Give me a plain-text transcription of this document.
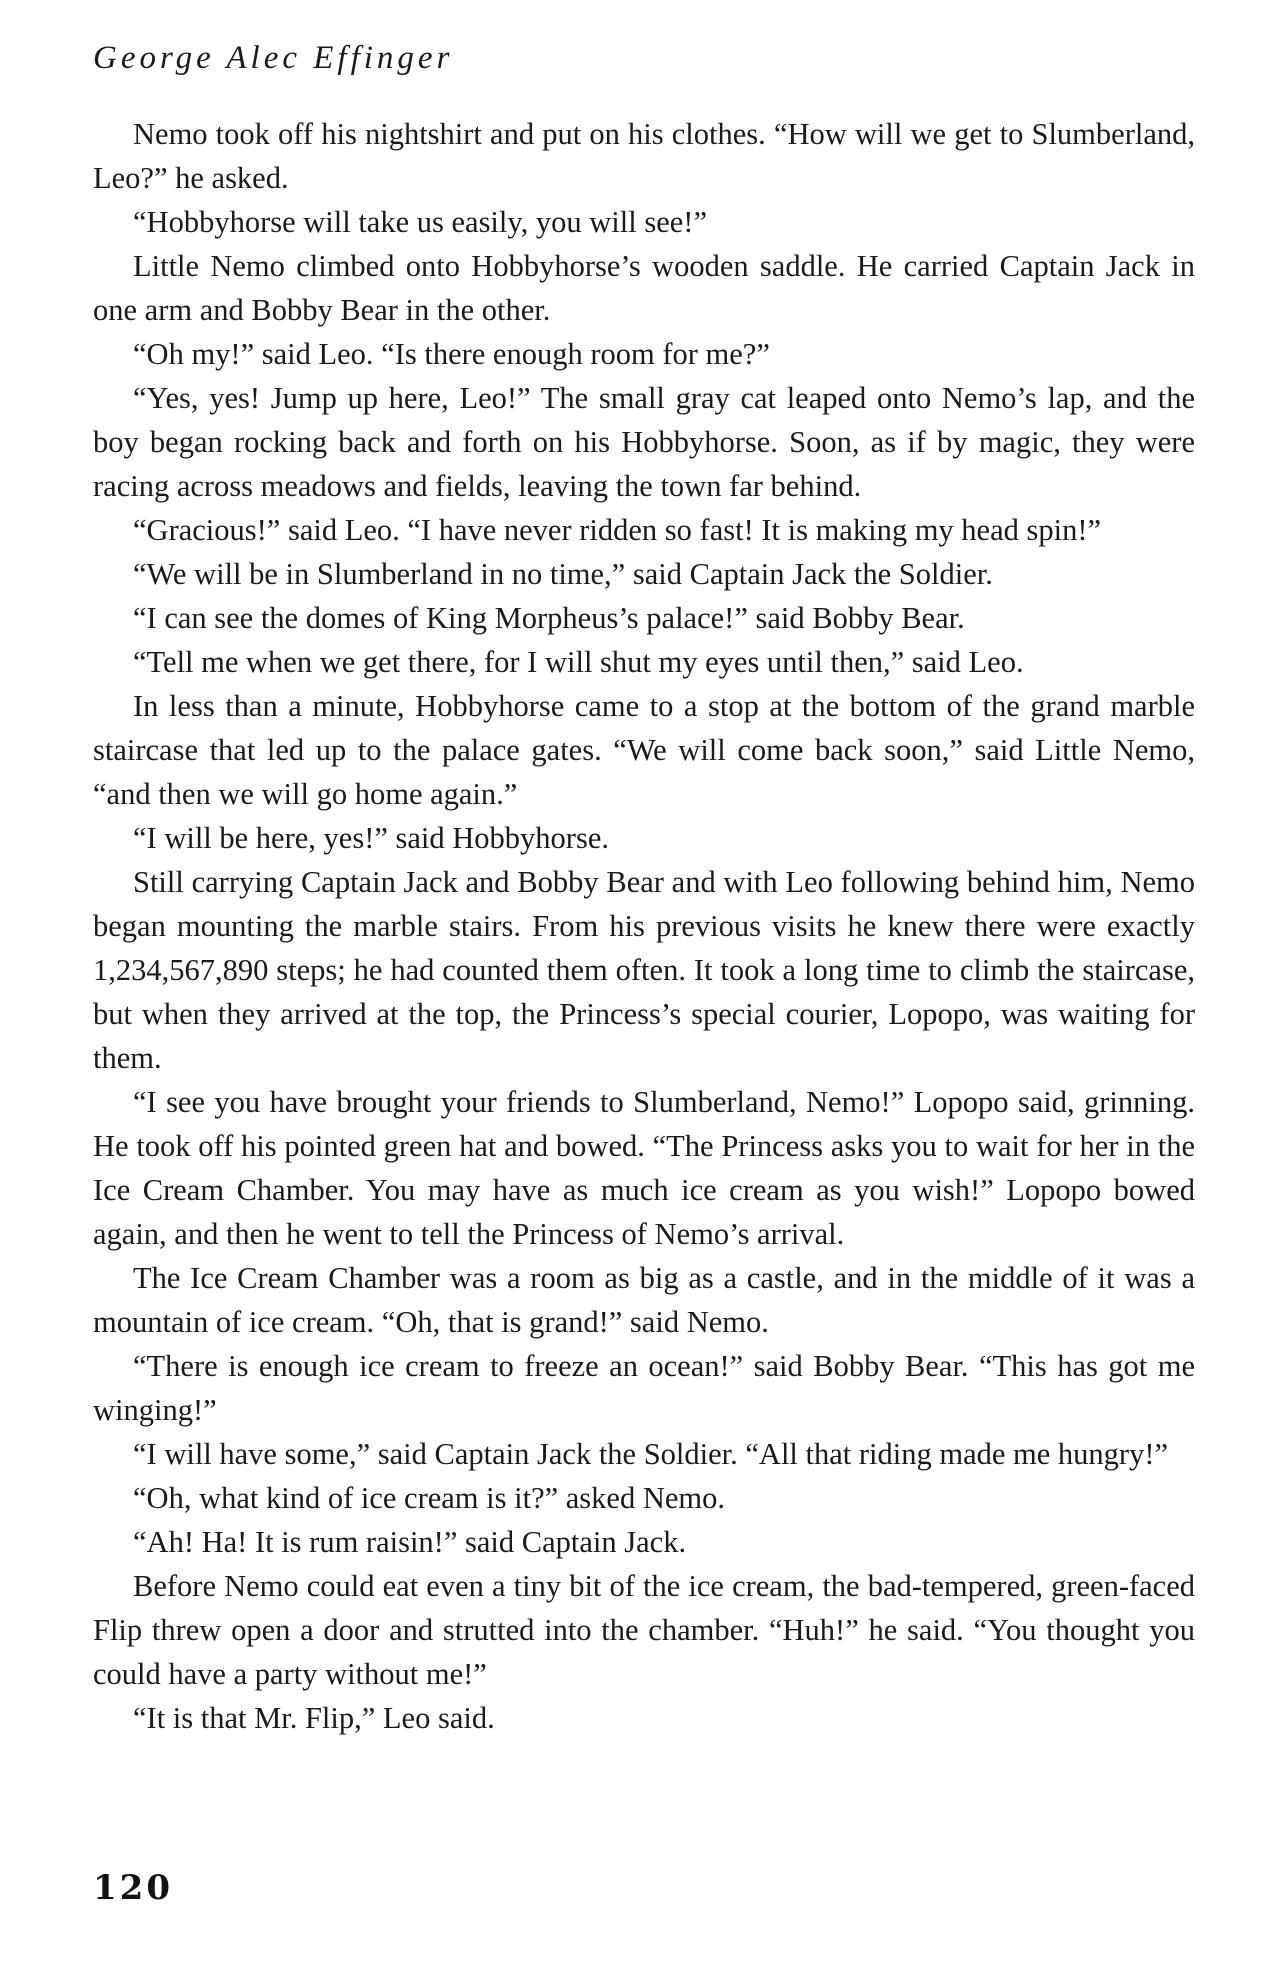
George Alec Effinger

Nemo took off his nightshirt and put on his clothes. “How will we get to Slumberland, Leo?” he asked.

“Hobbyhorse will take us easily, you will see!”

Little Nemo climbed onto Hobbyhorse’s wooden saddle. He carried Captain Jack in one arm and Bobby Bear in the other.

“Oh my!” said Leo. “Is there enough room for me?”

“Yes, yes! Jump up here, Leo!” The small gray cat leaped onto Nemo’s lap, and the boy began rocking back and forth on his Hobbyhorse. Soon, as if by magic, they were racing across meadows and fields, leaving the town far behind.

“Gracious!” said Leo. “I have never ridden so fast! It is making my head spin!”

“We will be in Slumberland in no time,” said Captain Jack the Soldier.

“I can see the domes of King Morpheus’s palace!” said Bobby Bear.

“Tell me when we get there, for I will shut my eyes until then,” said Leo.

In less than a minute, Hobbyhorse came to a stop at the bottom of the grand marble staircase that led up to the palace gates. “We will come back soon,” said Little Nemo, “and then we will go home again.”

“I will be here, yes!” said Hobbyhorse.

Still carrying Captain Jack and Bobby Bear and with Leo following behind him, Nemo began mounting the marble stairs. From his previous visits he knew there were exactly 1,234,567,890 steps; he had counted them often. It took a long time to climb the staircase, but when they arrived at the top, the Princess’s special courier, Lopopo, was waiting for them.

“I see you have brought your friends to Slumberland, Nemo!” Lopopo said, grinning. He took off his pointed green hat and bowed. “The Princess asks you to wait for her in the Ice Cream Chamber. You may have as much ice cream as you wish!” Lopopo bowed again, and then he went to tell the Princess of Nemo’s arrival.

The Ice Cream Chamber was a room as big as a castle, and in the middle of it was a mountain of ice cream. “Oh, that is grand!” said Nemo.

“There is enough ice cream to freeze an ocean!” said Bobby Bear. “This has got me winging!”

“I will have some,” said Captain Jack the Soldier. “All that riding made me hungry!”

“Oh, what kind of ice cream is it?” asked Nemo.

“Ah! Ha! It is rum raisin!” said Captain Jack.

Before Nemo could eat even a tiny bit of the ice cream, the bad-tempered, green-faced Flip threw open a door and strutted into the chamber. “Huh!” he said. “You thought you could have a party without me!”

“It is that Mr. Flip,” Leo said.

120
